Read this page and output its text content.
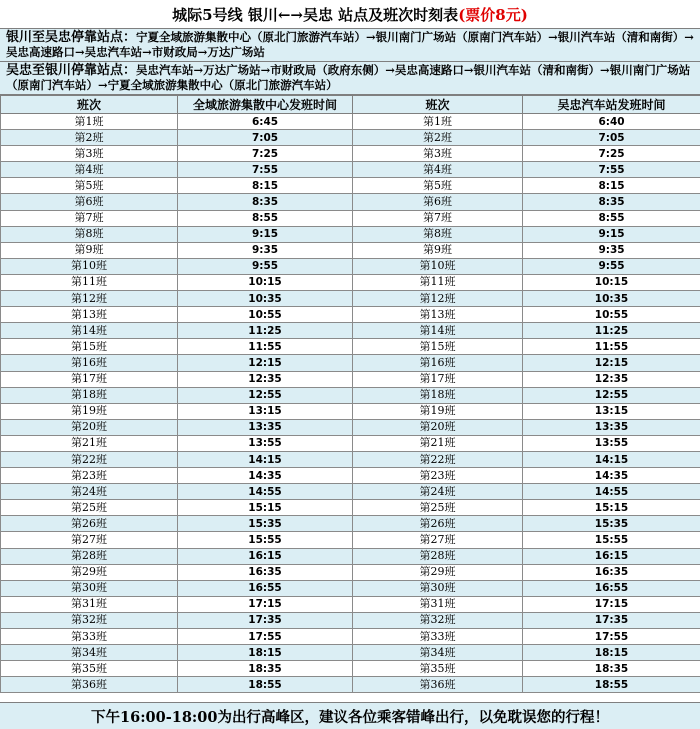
城际5号线 银川←→吴忠 站点及班次时刻表 (票价8元)
银川至吴忠停靠站点：宁夏全域旅游集散中心（原北门旅游汽车站）→银川南门广场站（原南门汽车站）→银川汽车站（清和南街）→吴忠高速路口→吴忠汽车站→市财政局→万达广场站
吴忠至银川停靠站点：吴忠汽车站→万达广场站→市财政局（政府东侧）→吴忠高速路口→银川汽车站（清和南街）→银川南门广场站（原南门汽车站）→宁夏全域旅游集散中心（原北门旅游汽车站）
班次	全域旅游集散中心发班时间	班次	吴忠汽车站发班时间
第1班	6:45	第1班	6:40
第2班	7:05	第2班	7:05
第3班	7:25	第3班	7:25
第4班	7:55	第4班	7:55
第5班	8:15	第5班	8:15
第6班	8:35	第6班	8:35
第7班	8:55	第7班	8:55
第8班	9:15	第8班	9:15
第9班	9:35	第9班	9:35
第10班	9:55	第10班	9:55
第11班	10:15	第11班	10:15
第12班	10:35	第12班	10:35
第13班	10:55	第13班	10:55
第14班	11:25	第14班	11:25
第15班	11:55	第15班	11:55
第16班	12:15	第16班	12:15
第17班	12:35	第17班	12:35
第18班	12:55	第18班	12:55
第19班	13:15	第19班	13:15
第20班	13:35	第20班	13:35
第21班	13:55	第21班	13:55
第22班	14:15	第22班	14:15
第23班	14:35	第23班	14:35
第24班	14:55	第24班	14:55
第25班	15:15	第25班	15:15
第26班	15:35	第26班	15:35
第27班	15:55	第27班	15:55
第28班	16:15	第28班	16:15
第29班	16:35	第29班	16:35
第30班	16:55	第30班	16:55
第31班	17:15	第31班	17:15
第32班	17:35	第32班	17:35
第33班	17:55	第33班	17:55
第34班	18:15	第34班	18:15
第35班	18:35	第35班	18:35
第36班	18:55	第36班	18:55
下午16:00-18:00为出行高峰区，建议各位乘客错峰出行，以免耽误您的行程！
